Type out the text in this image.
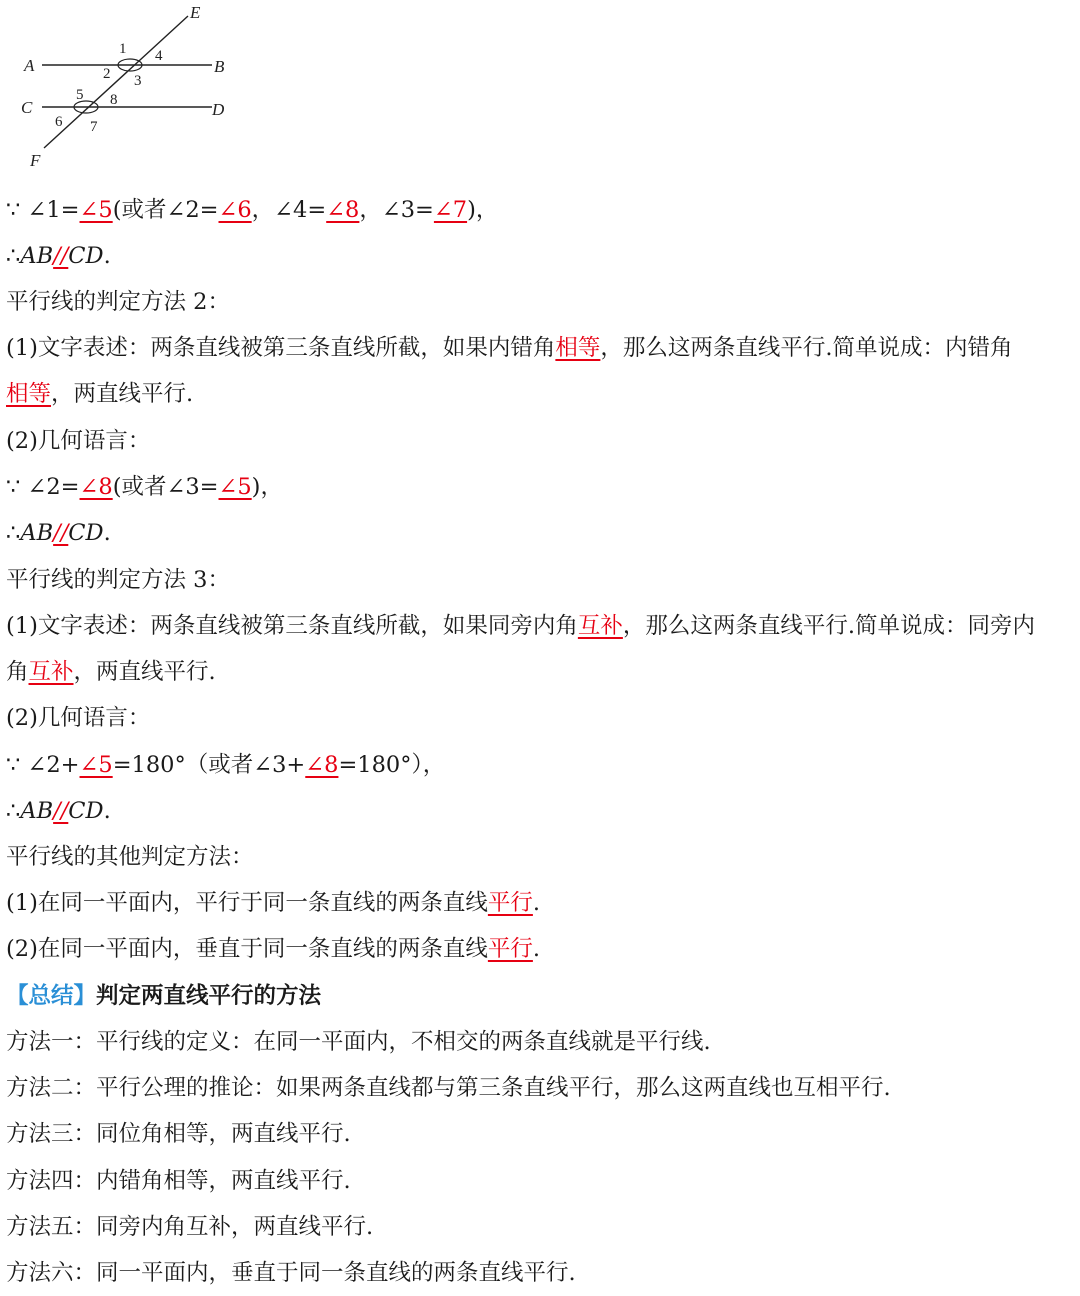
E
A	B
C	D
F
1 4
2 3
5 8
6 7
∵ ∠1=∠5(或者∠2=∠6，∠4=∠8，∠3=∠7)，
∴AB//CD.
平行线的判定方法 2：
(1)文字表述：两条直线被第三条直线所截，如果内错角相等，那么这两条直线平行.简单说成：内错角
相等，两直线平行.
(2)几何语言：
∵ ∠2=∠8(或者∠3=∠5)，
∴AB//CD.
平行线的判定方法 3：
(1)文字表述：两条直线被第三条直线所截，如果同旁内角互补，那么这两条直线平行.简单说成：同旁内
角互补，两直线平行.
(2)几何语言：
∵ ∠2+∠5=180°（或者∠3+∠8=180°），
∴AB//CD.
平行线的其他判定方法：
(1)在同一平面内，平行于同一条直线的两条直线平行.
(2)在同一平面内，垂直于同一条直线的两条直线平行.
【总结】判定两直线平行的方法
方法一：平行线的定义：在同一平面内，不相交的两条直线就是平行线.
方法二：平行公理的推论：如果两条直线都与第三条直线平行，那么这两直线也互相平行.
方法三：同位角相等，两直线平行.
方法四：内错角相等，两直线平行.
方法五：同旁内角互补，两直线平行.
方法六：同一平面内，垂直于同一条直线的两条直线平行.
